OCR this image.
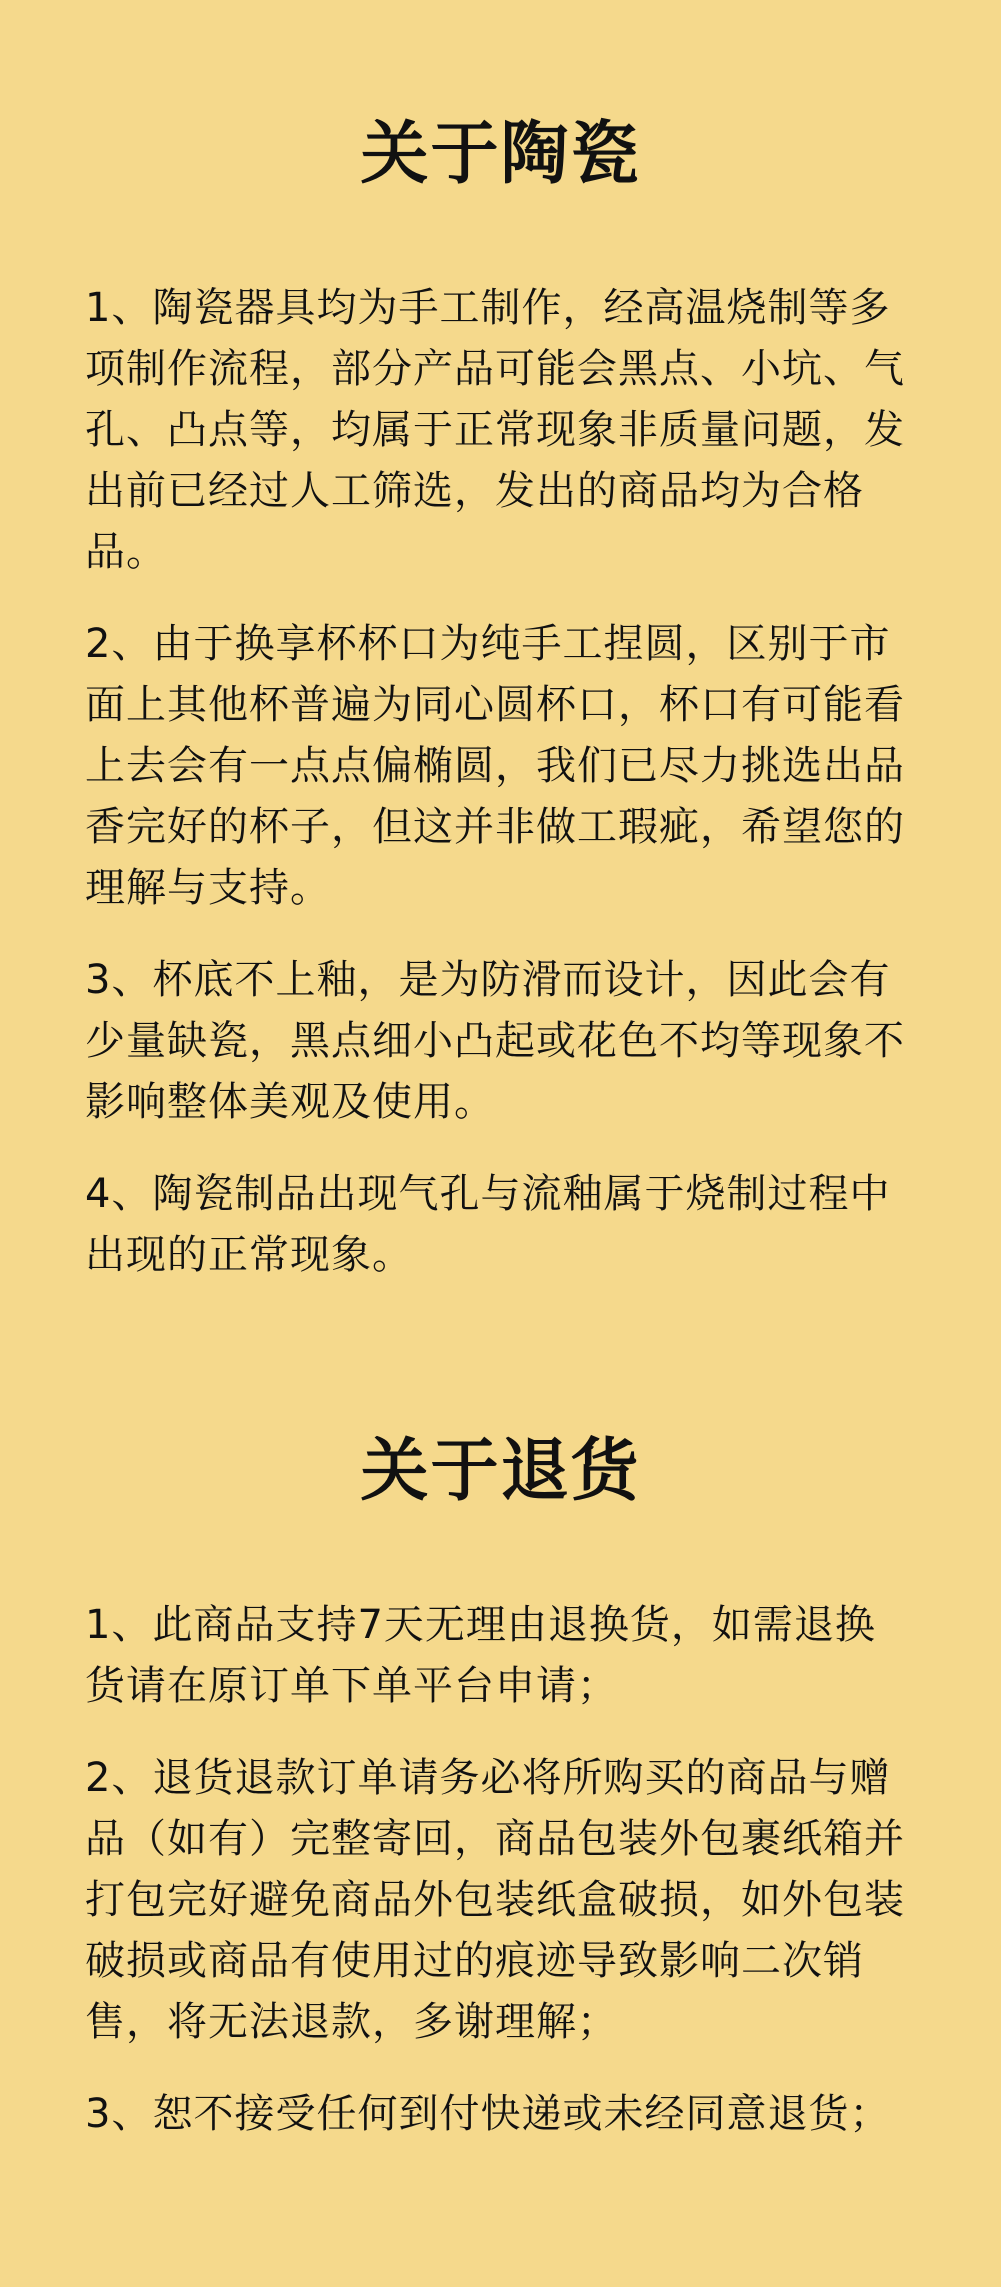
关于陶瓷

1、陶瓷器具均为手工制作，经高温烧制等多项制作流程，部分产品可能会黑点、小坑、气孔、凸点等，均属于正常现象非质量问题，发出前已经过人工筛选，发出的商品均为合格品。

2、由于换享杯杯口为纯手工捏圆，区别于市面上其他杯普遍为同心圆杯口，杯口有可能看上去会有一点点偏椭圆，我们已尽力挑选出品香完好的杯子，但这并非做工瑕疵，希望您的理解与支持。

3、杯底不上釉，是为防滑而设计，因此会有少量缺瓷，黑点细小凸起或花色不均等现象不影响整体美观及使用。

4、陶瓷制品出现气孔与流釉属于烧制过程中出现的正常现象。

关于退货

1、此商品支持7天无理由退换货，如需退换货请在原订单下单平台申请；

2、退货退款订单请务必将所购买的商品与赠品（如有）完整寄回，商品包装外包裹纸箱并打包完好避免商品外包装纸盒破损，如外包装破损或商品有使用过的痕迹导致影响二次销售，将无法退款，多谢理解；

3、恕不接受任何到付快递或未经同意退货；
